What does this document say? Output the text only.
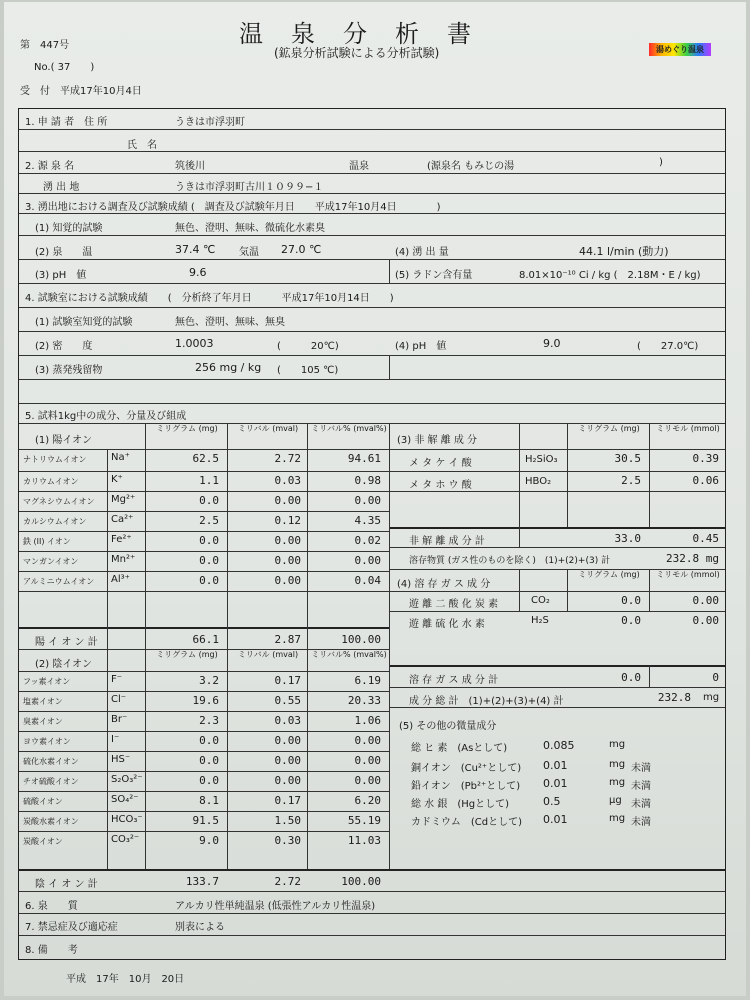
第　447号
No.( 37　　)
受　付　平成17年10月4日
温泉分析書
(鉱泉分析試験による分析試験)	湯めぐり温泉
1. 申 請 者　住 所	うきは市浮羽町
氏　名
2. 源 泉 名	筑後川	温泉	(源泉名 もみじの湯	)
湧 出 地	うきは市浮羽町古川１０９９−１
3. 湧出地における調査及び試験成績 (　調査及び試験年月日　　平成17年10月4日　　　　)
(1) 知覚的試験	無色、澄明、無味、微硫化水素臭
(2) 泉　　温	37.4 ℃ 気温 27.0 ℃	(4) 湧 出 量	44.1 l/min (動力)
(3) pH　値	9.6	(5) ラドン含有量	8.01×10⁻¹⁰ Ci / kg (　2.18M・E / kg)
4. 試験室における試験成績　　(　分析終了年月日　　　平成17年10月14日　　)
(1) 試験室知覚的試験	無色、澄明、無味、無臭
(2) 密　　度	1.0003	(　　　20℃)	(4) pH　値	9.0	(　　27.0℃)
(3) 蒸発残留物	256 mg / kg (　　105 ℃)
5. 試料1kg中の成分、分量及び組成
(1) 陽イオン
ミリグラム (mg)	ミリバル (mval)	ミリバル% (mval%)
ナトリウムイオン Na⁺	62.5	2.72	94.61
カリウムイオン	K⁺	1.1	0.03	0.98
マグネシウムイオン Mg²⁺	0.0	0.00	0.00
カルシウムイオン Ca²⁺	2.5	0.12	4.35
鉄 (II) イオン	Fe²⁺	0.0	0.00	0.02
マンガンイオン	Mn²⁺	0.0	0.00	0.00
アルミニウムイオン Al³⁺	0.0	0.00	0.04
陽 イ オ ン 計	66.1	2.87	100.00
(2) 陰イオン
ミリグラム (mg)	ミリバル (mval)	ミリバル% (mval%)
フッ素イオン	F⁻	3.2	0.17	6.19
塩素イオン	Cl⁻	19.6	0.55	20.33
臭素イオン	Br⁻	2.3	0.03	1.06
ヨウ素イオン	I⁻	0.0	0.00	0.00
硫化水素イオン	HS⁻	0.0	0.00	0.00
チオ硫酸イオン	S₂O₃²⁻	0.0	0.00	0.00
硫酸イオン	SO₄²⁻	8.1	0.17	6.20
炭酸水素イオン	HCO₃⁻	91.5	1.50	55.19
炭酸イオン	CO₃²⁻	9.0	0.30	11.03
陰 イ オ ン 計	133.7	2.72	100.00
(3) 非 解 離 成 分
ミリグラム (mg)	ミリモル (mmol)
メ タ ケ イ 酸	H₂SiO₃	30.5	0.39
メ タ ホ ウ 酸	HBO₂	2.5	0.06
非 解 離 成 分 計	33.0	0.45
溶存物質 (ガス性のものを除く)　(1)+(2)+(3) 計	232.8 mg
(4) 溶 存 ガ ス 成 分
ミリグラム (mg)	ミリモル (mmol)
遊 離 二 酸 化 炭 素	CO₂	0.0	0.00
遊 離 硫 化 水 素	H₂S	0.0	0.00
溶 存 ガ ス 成 分 計	0.0	0
成 分 総 計　(1)+(2)+(3)+(4) 計	232.8 mg
(5) その他の微量成分
総 ヒ 素　(Asとして)	0.085	mg
銅イオン　(Cu²⁺として) 0.01	mg 未満
鉛イオン　(Pb²⁺として) 0.01	mg 未満
総 水 銀　(Hgとして)	0.5	μg 未満
カドミウム　(Cdとして) 0.01	mg 未満
6. 泉　　質	アルカリ性単純温泉 (低張性アルカリ性温泉)
7. 禁忌症及び適応症	別表による
8. 備　　考
平成　17年　10月　20日
